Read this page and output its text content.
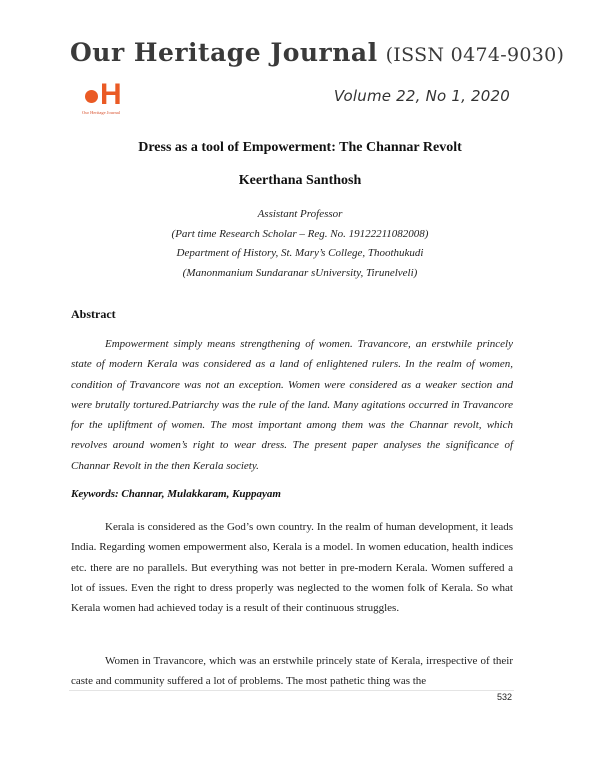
Our Heritage Journal (ISSN 0474-9030)
H
Our Heritage Journal
Volume 22, No 1, 2020
Dress as a tool of Empowerment: The Channar Revolt
Keerthana Santhosh
Assistant Professor
(Part time Research Scholar – Reg. No. 19122211082008)
Department of History, St. Mary’s College, Thoothukudi
(Manonmanium Sundaranar sUniversity, Tirunelveli)
Abstract
Empowerment simply means strengthening of women. Travancore, an erstwhile princely state of modern Kerala was considered as a land of enlightened rulers. In the realm of women, condition of Travancore was not an exception. Women were considered as a weaker section and were brutally tortured.Patriarchy was the rule of the land. Many agitations occurred in Travancore for the upliftment of women. The most important among them was the Channar revolt, which revolves around women’s right to wear dress. The present paper analyses the significance of Channar Revolt in the then Kerala society.
Keywords: Channar, Mulakkaram, Kuppayam
Kerala is considered as the God’s own country. In the realm of human development, it leads India. Regarding women empowerment also, Kerala is a model. In women education, health indices etc. there are no parallels. But everything was not better in pre-modern Kerala. Women suffered a lot of issues. Even the right to dress properly was neglected to the women folk of Kerala. So what Kerala women had achieved today is a result of their continuous struggles.
Women in Travancore, which was an erstwhile princely state of Kerala, irrespective of their caste and community suffered a lot of problems. The most pathetic thing was the
532
